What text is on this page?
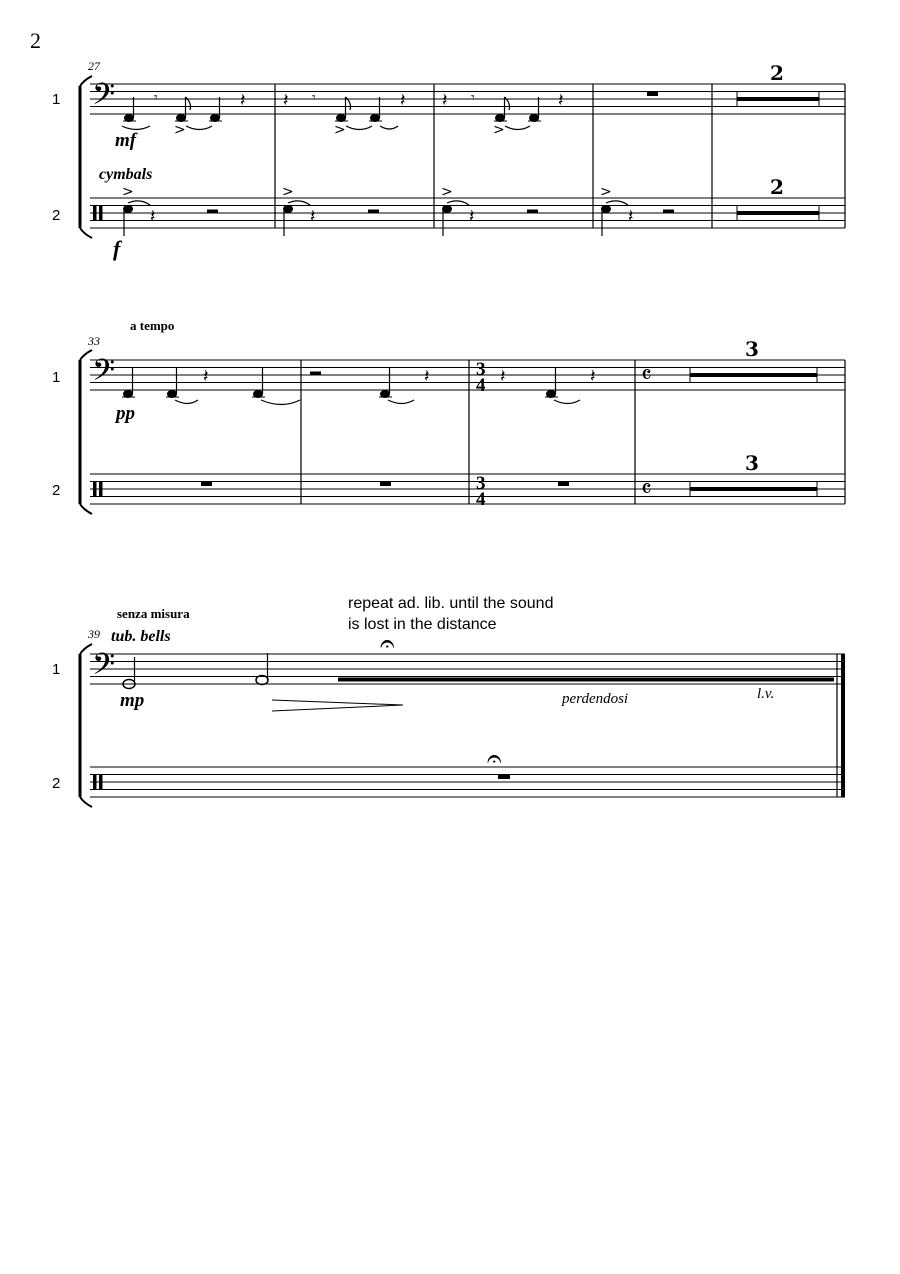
2
27
1
2
𝄢	𝄾
>
𝄽
mf
𝄽 𝄾
>
𝄽 𝄽 𝄾
>
𝄽
2
cymbals
>
𝄽
f
>
𝄽
>
𝄽
>
𝄽
2
a tempo
33
1
2
𝄢
pp
𝄽	𝄽 3
4 𝄽	𝄽 𝄴
3
3
4	𝄴
3
senza misura
39 tub. bells
repeat ad. lib. until the sound
is lost in the distance
1
2
𝄢
mp
𝄐
perdendosi	l.v.
𝄐
